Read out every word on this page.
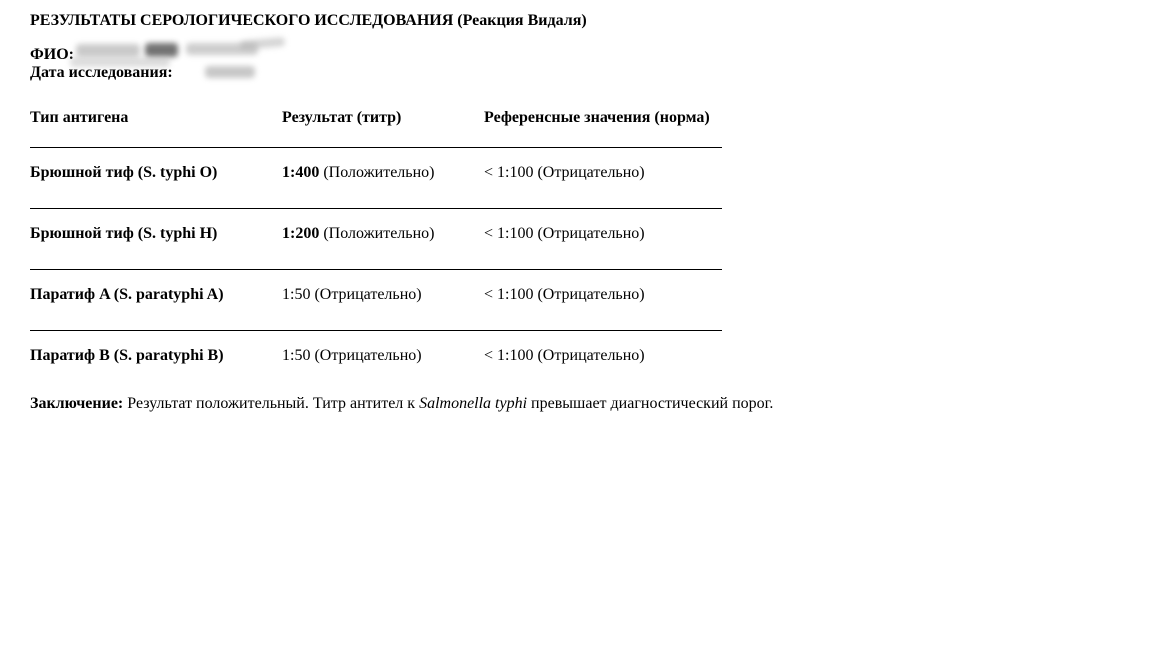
РЕЗУЛЬТАТЫ СЕРОЛОГИЧЕСКОГО ИССЛЕДОВАНИЯ (Реакция Видаля)

ФИО:
Дата исследования:
Тип антигена	Результат (титр)	Референсные значения (норма)
Брюшной тиф (S. typhi O)	1:400 (Положительно)	< 1:100 (Отрицательно)
Брюшной тиф (S. typhi H)	1:200 (Положительно)	< 1:100 (Отрицательно)
Паратиф A (S. paratyphi A)	1:50 (Отрицательно)	< 1:100 (Отрицательно)
Паратиф B (S. paratyphi B)	1:50 (Отрицательно)	< 1:100 (Отрицательно)

Заключение: Результат положительный. Титр антител к Salmonella typhi превышает диагностический порог.
